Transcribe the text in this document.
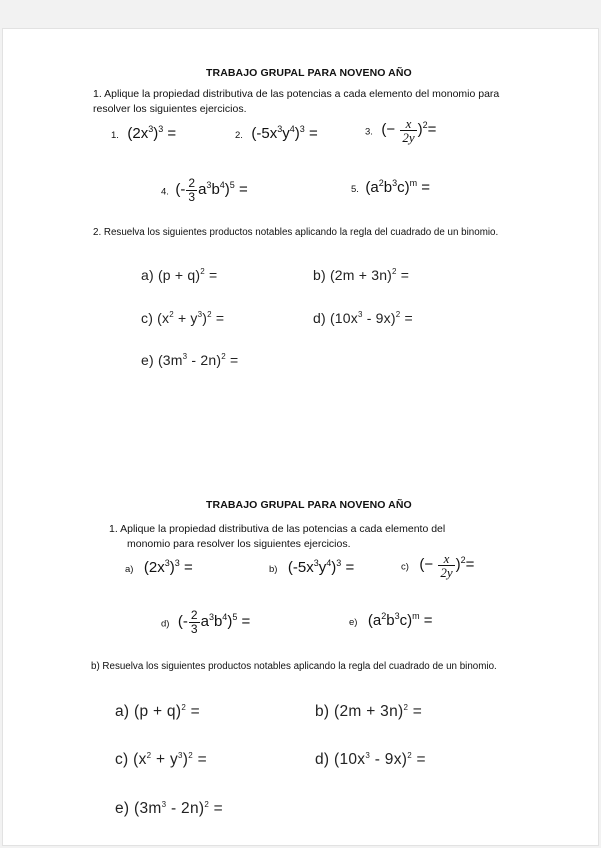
TRABAJO GRUPAL PARA NOVENO AÑO
1. Aplique la propiedad distributiva de las potencias a cada elemento del monomio para resolver los siguientes ejercicios.
1. $(2x^3)^3$ =	2. $(-5x^3y^4)^3$ =	3. (− $\frac{x}{2y} )^2=$
4. (- $\frac{2}{3} a^3b^4)^5$ =	5. $(a^2b^3c)^m$ =
2. Resuelva los siguientes productos notables aplicando la regla del cuadrado de un binomio.
a) $(p + q)^2$ =	b) $(2m + 3n)^2$ =
c) $(x^2 + y^3)^2$ =	d) $(10x^3 - 9x)^2$ =
e) $(3m^3 - 2n)^2$ =
TRABAJO GRUPAL PARA NOVENO AÑO
1. Aplique la propiedad distributiva de las potencias a cada elemento del
monomio para resolver los siguientes ejercicios.
a) $(2x^3)^3$ =	b) $(-5x^3y^4)^3$ =	c) (− $\frac{x}{2y} )^2=$
d) (- $\frac{2}{3} a^3b^4)^5$ =	e) $(a^2b^3c)^m$ =
b) Resuelva los siguientes productos notables aplicando la regla del cuadrado de un binomio.
a) $(p + q)^2$ =	b) $(2m + 3n)^2$ =
c) $(x^2 + y^3)^2$ =	d) $(10x^3 - 9x)^2$ =
e) $(3m^3 - 2n)^2$ =
